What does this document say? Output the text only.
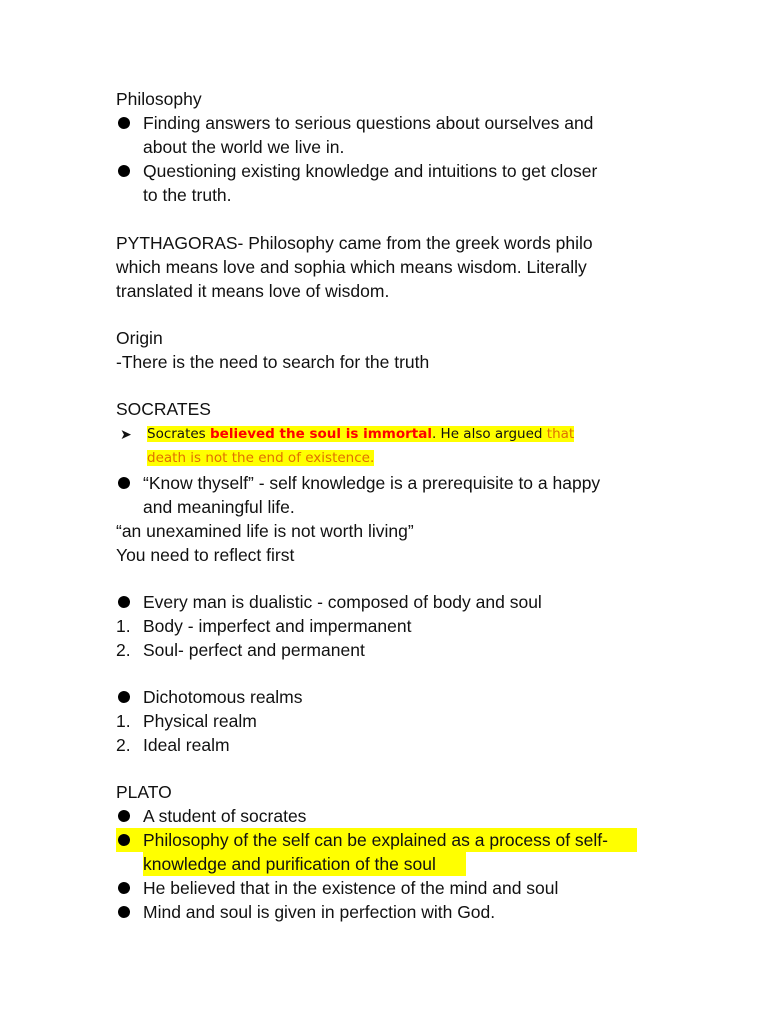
Philosophy
Finding answers to serious questions about ourselves and
about the world we live in.
Questioning existing knowledge and intuitions to get closer
to the truth.
PYTHAGORAS- Philosophy came from the greek words philo
which means love and sophia which means wisdom. Literally
translated it means love of wisdom.
Origin
-There is the need to search for the truth
SOCRATES
➤ Socrates believed the soul is immortal. He also argued that
death is not the end of existence.
“Know thyself” - self knowledge is a prerequisite to a happy
and meaningful life.
“an unexamined life is not worth living”
You need to reflect first
Every man is dualistic - composed of body and soul
1. Body - imperfect and impermanent
2. Soul- perfect and permanent
Dichotomous realms
1. Physical realm
2. Ideal realm
PLATO
A student of socrates
Philosophy of the self can be explained as a process of self-
knowledge and purification of the soul
He believed that in the existence of the mind and soul
Mind and soul is given in perfection with God.
